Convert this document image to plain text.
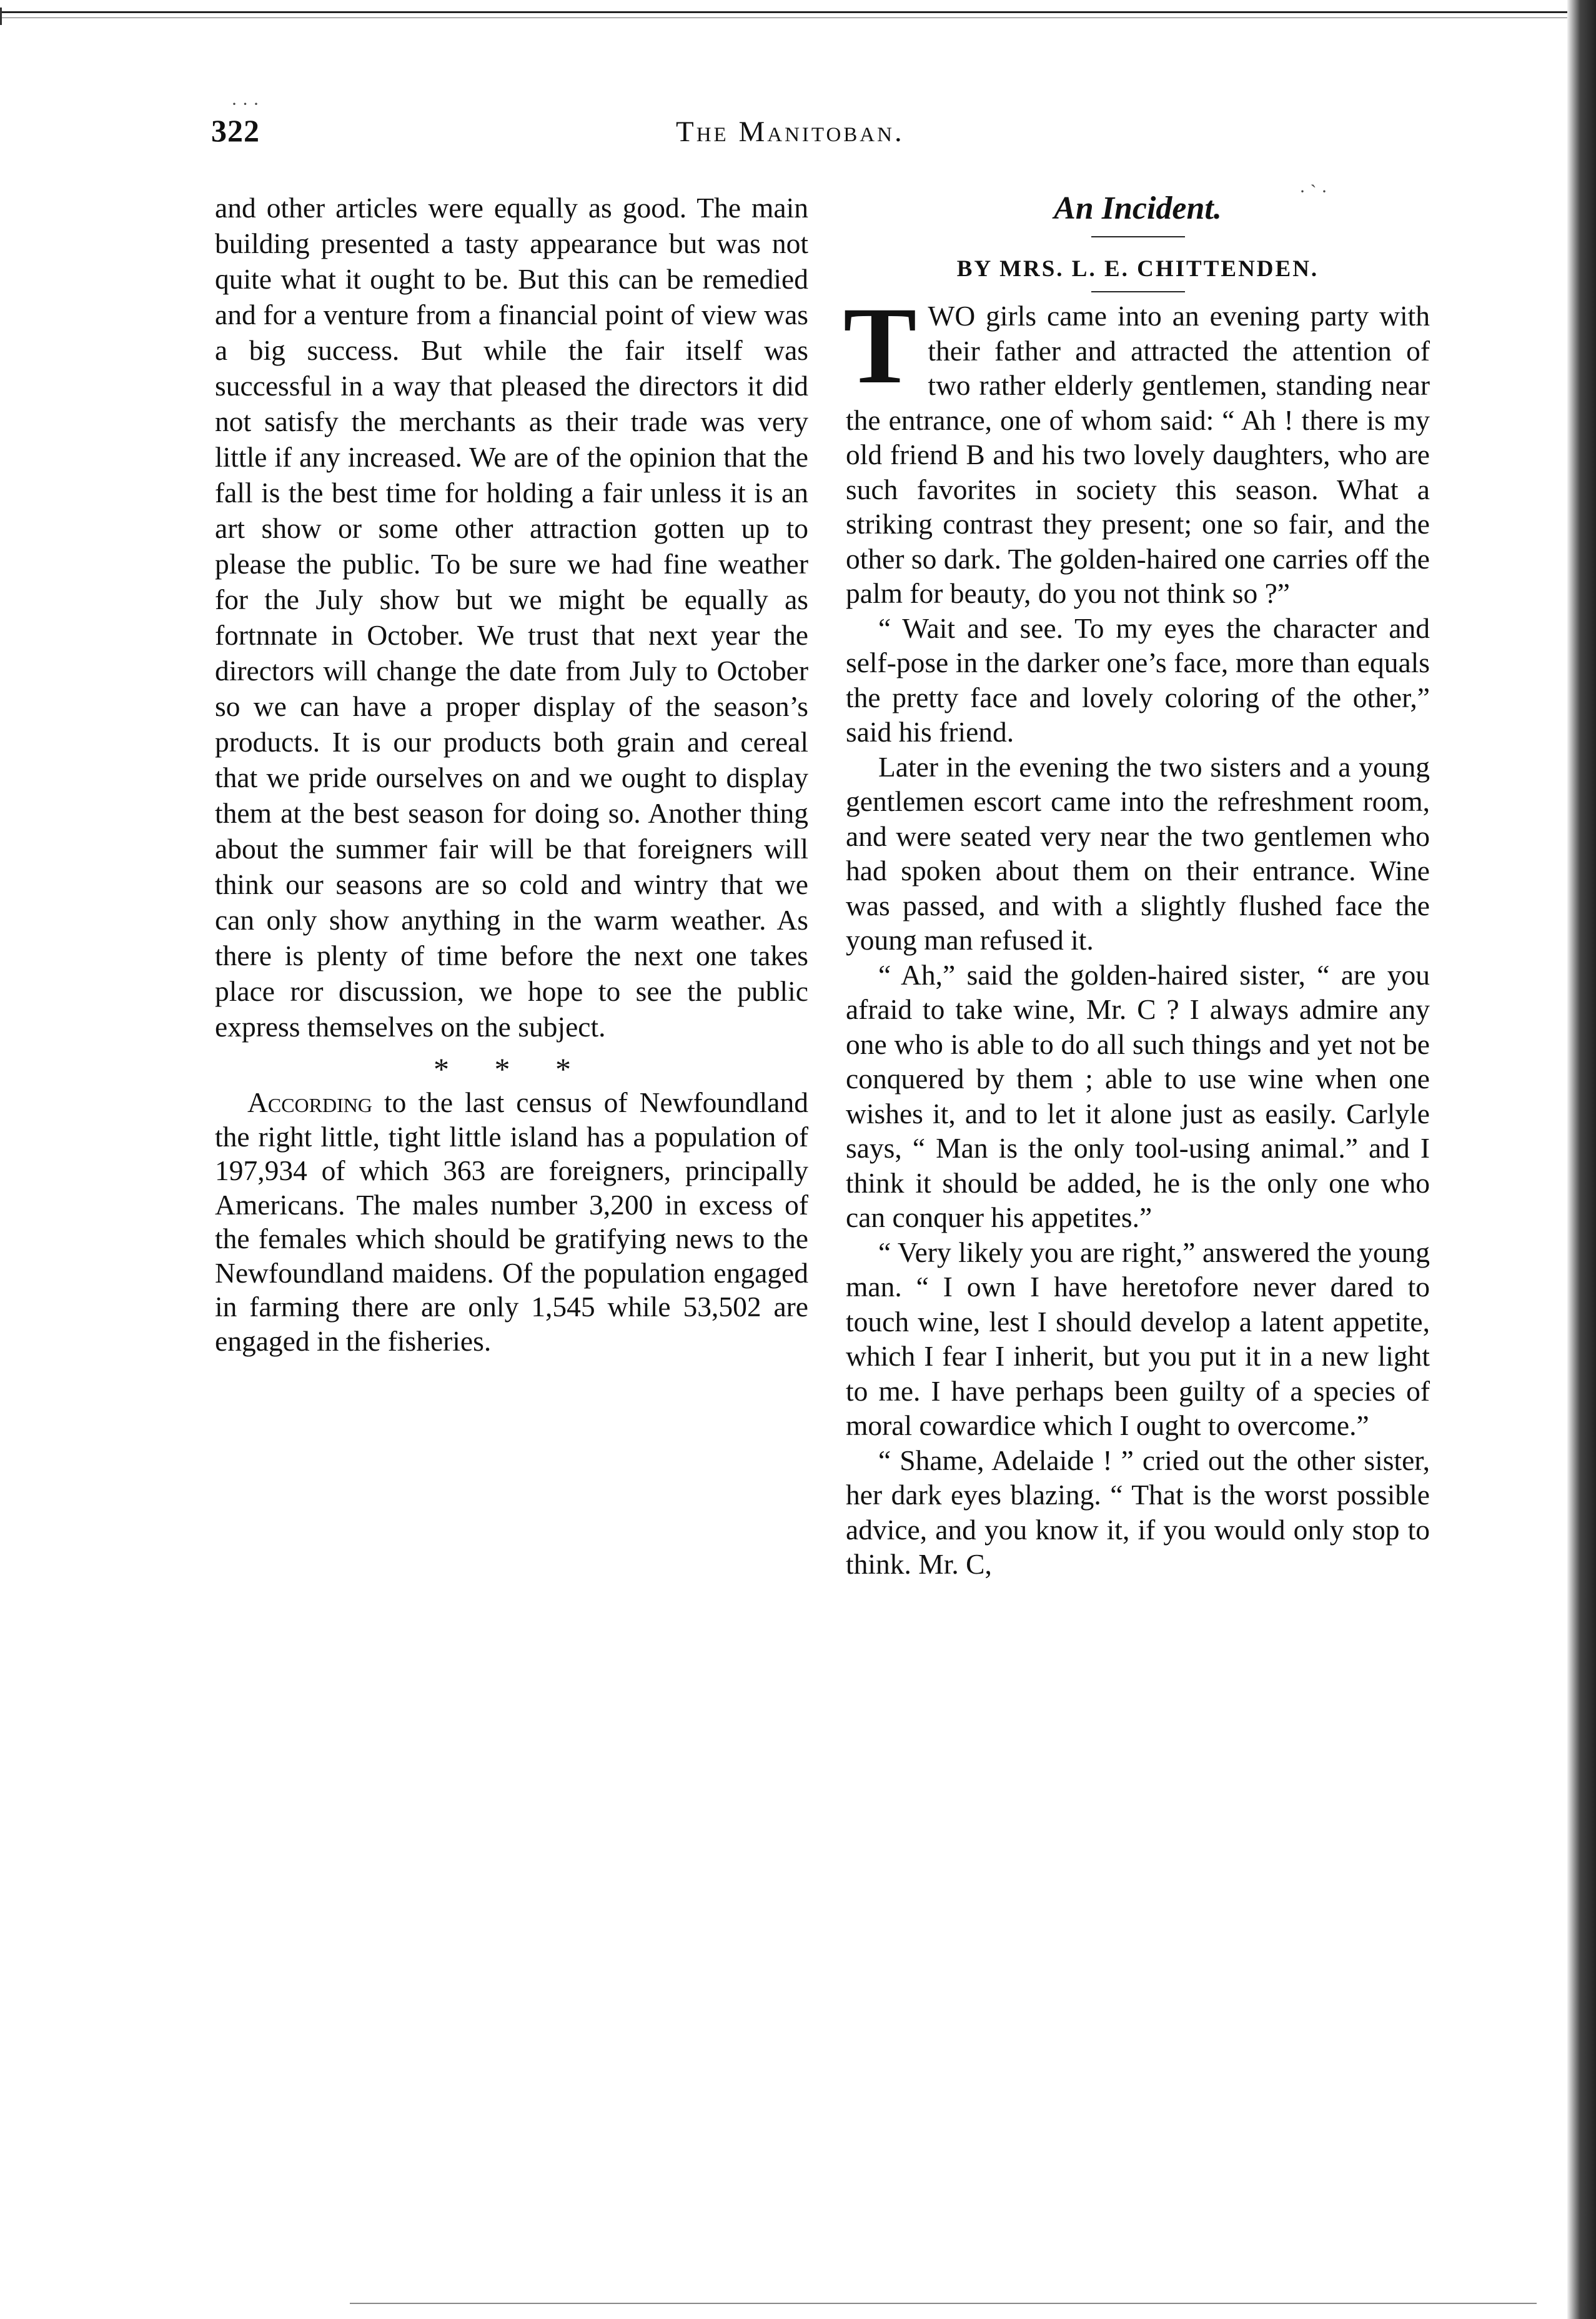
· · ·
· ` ·
322	The Manitoban.

and other articles were equally as good. The main building presented a tasty appearance but was not quite what it ought to be. But this can be remedied and for a venture from a financial point of view was a big success. But while the fair itself was successful in a way that pleased the directors it did not satisfy the merchants as their trade was very little if any increased. We are of the opinion that the fall is the best time for holding a fair unless it is an art show or some other attraction gotten up to please the public. To be sure we had fine weather for the July show but we might be equally as fortnnate in October. We trust that next year the directors will change the date from July to October so we can have a proper display of the season’s products. It is our products both grain and cereal that we pride ourselves on and we ought to display them at the best season for doing so. Another thing about the summer fair will be that foreigners will think our seasons are so cold and wintry that we can only show anything in the warm weather. As there is plenty of time before the next one takes place ror discussion, we hope to see the public express themselves on the subject.

* * *

According to the last census of Newfoundland the right little, tight little island has a population of 197,934 of which 363 are foreigners, principally Americans. The males number 3,200 in excess of the females which should be gratifying news to the Newfoundland maidens. Of the population engaged in farming there are only 1,545 while 53,502 are engaged in the fisheries.

An Incident.
BY MRS. L. E. CHITTENDEN.

TWO girls came into an evening party with their father and attracted the attention of two rather elderly gentlemen, standing near the entrance, one of whom said: “ Ah ! there is my old friend B and his two lovely daughters, who are such favorites in society this season. What a striking contrast they present; one so fair, and the other so dark. The golden-haired one carries off the palm for beauty, do you not think so ?”

“ Wait and see. To my eyes the character and self-pose in the darker one’s face, more than equals the pretty face and lovely coloring of the other,” said his friend.

Later in the evening the two sisters and a young gentlemen escort came into the refreshment room, and were seated very near the two gentlemen who had spoken about them on their entrance. Wine was passed, and with a slightly flushed face the young man refused it.

“ Ah,” said the golden-haired sister, “ are you afraid to take wine, Mr. C ? I always admire any one who is able to do all such things and yet not be conquered by them ; able to use wine when one wishes it, and to let it alone just as easily. Carlyle says, “ Man is the only tool-using animal.” and I think it should be added, he is the only one who can conquer his appetites.”

“ Very likely you are right,” answered the young man. “ I own I have heretofore never dared to touch wine, lest I should develop a latent appetite, which I fear I inherit, but you put it in a new light to me. I have perhaps been guilty of a species of moral cowardice which I ought to overcome.”

“ Shame, Adelaide ! ” cried out the other sister, her dark eyes blazing. “ That is the worst possible advice, and you know it, if you would only stop to think. Mr. C,
